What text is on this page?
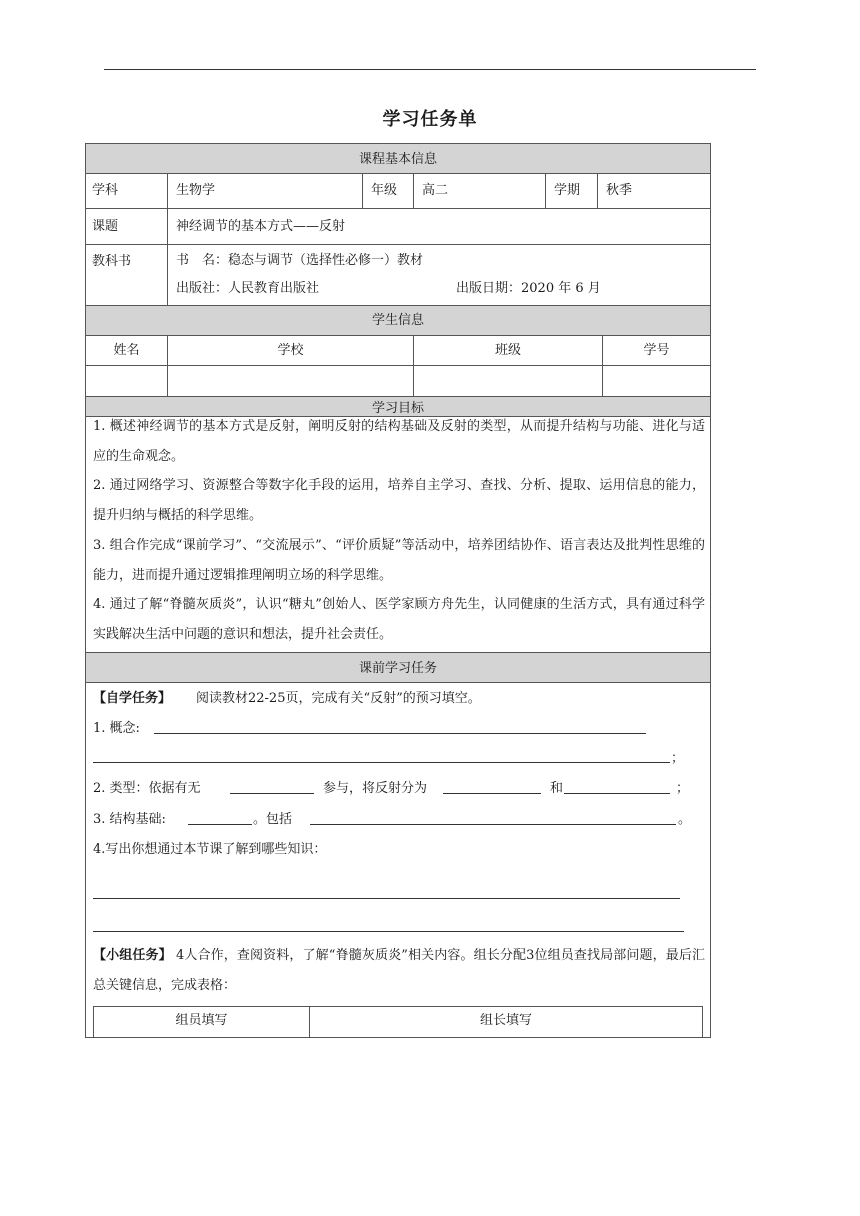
学习任务单
课程基本信息
学科	生物学	年级 高二	学期 秋季
课题	神经调节的基本方式——反射
教科书	书　名：稳态与调节（选择性必修一）教材
出版社：人民教育出版社	出版日期：2020 年 6 月
学生信息
姓名	学校	班级	学号
学习目标
1. 概述神经调节的基本方式是反射，阐明反射的结构基础及反射的类型，从而提升结构与功能、进化与适应的生命观念。
2. 通过网络学习、资源整合等数字化手段的运用，培养自主学习、查找、分析、提取、运用信息的能力，提升归纳与概括的科学思维。
3. 组合作完成“课前学习”、“交流展示”、“评价质疑”等活动中，培养团结协作、语言表达及批判性思维的能力，进而提升通过逻辑推理阐明立场的科学思维。
4. 通过了解“脊髓灰质炎”，认识“糖丸”创始人、医学家顾方舟先生，认同健康的生活方式，具有通过科学实践解决生活中问题的意识和想法，提升社会责任。
课前学习任务
【自学任务】 阅读教材22-25页，完成有关“反射”的预习填空。
1. 概念:
；
2. 类型：依据有无	参与，将反射分为	和	；
3. 结构基础:	。包括	。
4.写出你想通过本节课了解到哪些知识：
【小组任务】 4人合作，查阅资料，了解“脊髓灰质炎”相关内容。组长分配3位组员查找局部问题，最后汇总关键信息，完成表格：
组员填写	组长填写
